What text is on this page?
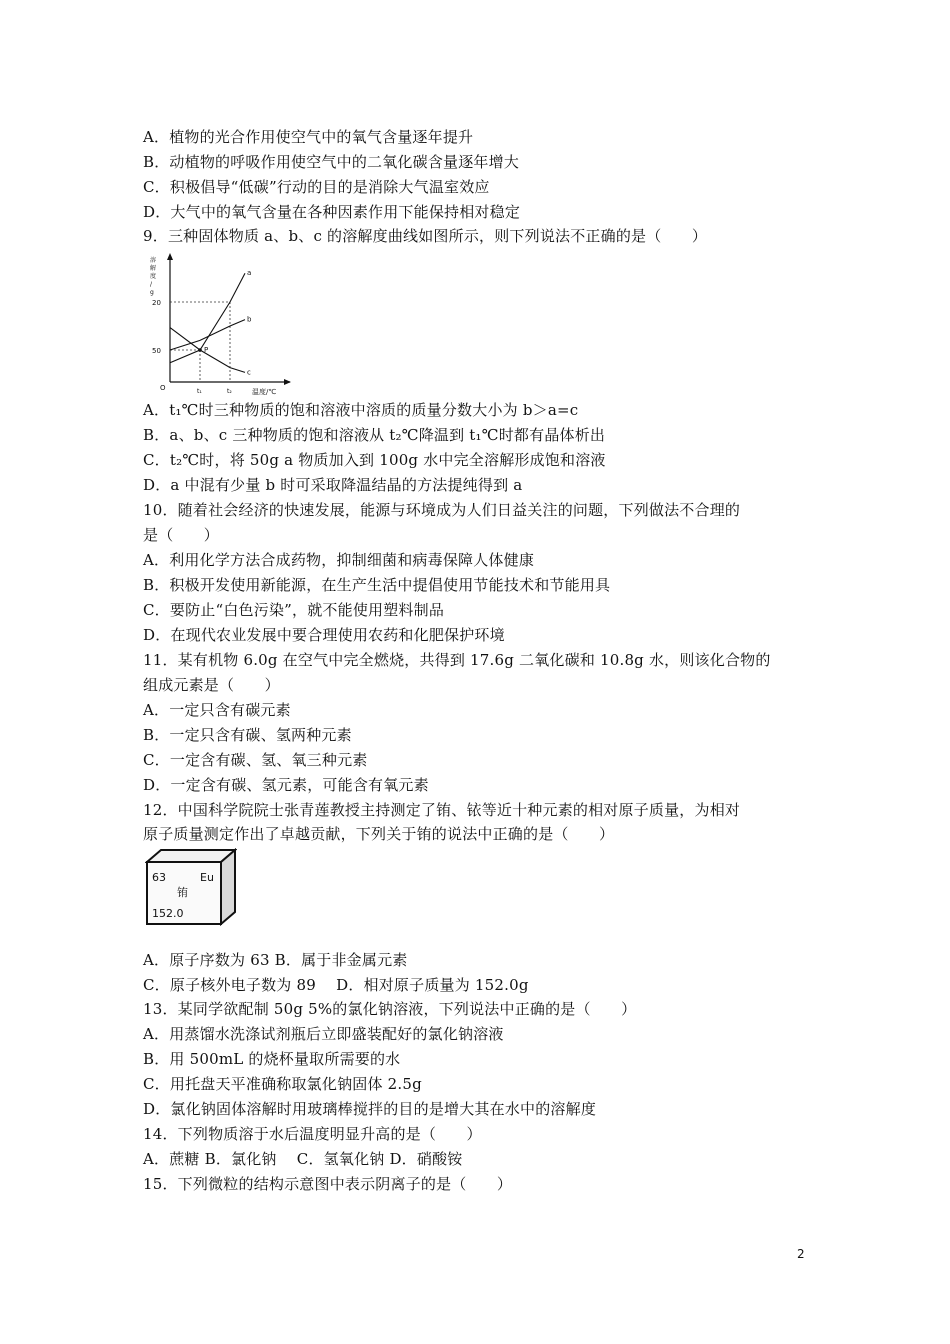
A．植物的光合作用使空气中的氧气含量逐年提升
B．动植物的呼吸作用使空气中的二氧化碳含量逐年增大
C．积极倡导“低碳”行动的目的是消除大气温室效应
D．大气中的氧气含量在各种因素作用下能保持相对稳定
9．三种固体物质 a、b、c 的溶解度曲线如图所示，则下列说法不正确的是（　　）
溶
解
度
/
g
温度/℃
O
50
20
t₁	t₂
a
b
c
P
A．t₁℃时三种物质的饱和溶液中溶质的质量分数大小为 b＞a=c
B．a、b、c 三种物质的饱和溶液从 t₂℃降温到 t₁℃时都有晶体析出
C．t₂℃时，将 50g a 物质加入到 100g 水中完全溶解形成饱和溶液
D．a 中混有少量 b 时可采取降温结晶的方法提纯得到 a
10．随着社会经济的快速发展，能源与环境成为人们日益关注的问题，下列做法不合理的
是（　　）
A．利用化学方法合成药物，抑制细菌和病毒保障人体健康
B．积极开发使用新能源，在生产生活中提倡使用节能技术和节能用具
C．要防止“白色污染”，就不能使用塑料制品
D．在现代农业发展中要合理使用农药和化肥保护环境
11．某有机物 6.0g 在空气中完全燃烧，共得到 17.6g 二氧化碳和 10.8g 水，则该化合物的
组成元素是（　　）
A．一定只含有碳元素
B．一定只含有碳、氢两种元素
C．一定含有碳、氢、氧三种元素
D．一定含有碳、氢元素，可能含有氧元素
12．中国科学院院士张青莲教授主持测定了铕、铱等近十种元素的相对原子质量，为相对
原子质量测定作出了卓越贡献，下列关于铕的说法中正确的是（　　）
63	Eu
铕
152.0
A．原子序数为 63 B．属于非金属元素
C．原子核外电子数为 89　 D．相对原子质量为 152.0g
13．某同学欲配制 50g 5%的氯化钠溶液，下列说法中正确的是（　　）
A．用蒸馏水洗涤试剂瓶后立即盛装配好的氯化钠溶液
B．用 500mL 的烧杯量取所需要的水
C．用托盘天平准确称取氯化钠固体 2.5g
D．氯化钠固体溶解时用玻璃棒搅拌的目的是增大其在水中的溶解度
14．下列物质溶于水后温度明显升高的是（　　）
A．蔗糖 B．氯化钠　 C．氢氧化钠 D．硝酸铵
15．下列微粒的结构示意图中表示阴离子的是（　　）
2
